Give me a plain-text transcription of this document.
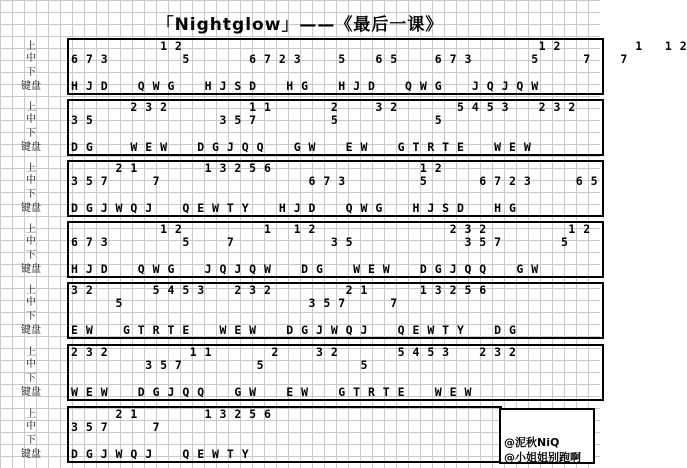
「Nightglow」——《最后一课》
上
中
下
键盘
1 2                                                1 2          1   1 2
6 7 3          5        6 7 2 3     5    6 5     6 7 3        5      7    7
H J D    Q W G    H J S D    H G    H J D    Q W G    J Q J Q W
上
中
下
键盘
2 3 2           1 1        2     3 2        5 4 5 3    2 3 2
3 5                 3 5 7          5             5
D G     W E W    D G J Q Q    G W    E W    G T R T E    W E W
上
中
下
键盘
2 1         1 3 2 5 6                    1 2
3 5 7      7                    6 7 3          5       6 7 2 3      6 5
D G J W Q J    Q E W T Y    H J D    Q W G    H J S D    H G
上
中
下
键盘
1 2           1   1 2                  2 3 2           1 2
6 7 3          5     7             3 5               3 5 7        5
H J D    Q W G    J Q J Q W    D G    W E W    D G J Q Q    G W
上
中
下
键盘
3 2        5 4 5 3    2 3 2          2 1       1 3 2 5 6
5                         3 5 7      7
E W    G T R T E    W E W    D G J W Q J    Q E W T Y    D G
上
中
下
键盘
2 3 2           1 1        2     3 2        5 4 5 3    2 3 2
3 5 7          5             5
W E W    D G J Q Q    G W    E W    G T R T E    W E W
上
中
下
键盘
2 1         1 3 2 5 6
3 5 7      7
D G J W Q J    Q E W T Y
@泥秋NiQ
@小姐姐别跑啊
